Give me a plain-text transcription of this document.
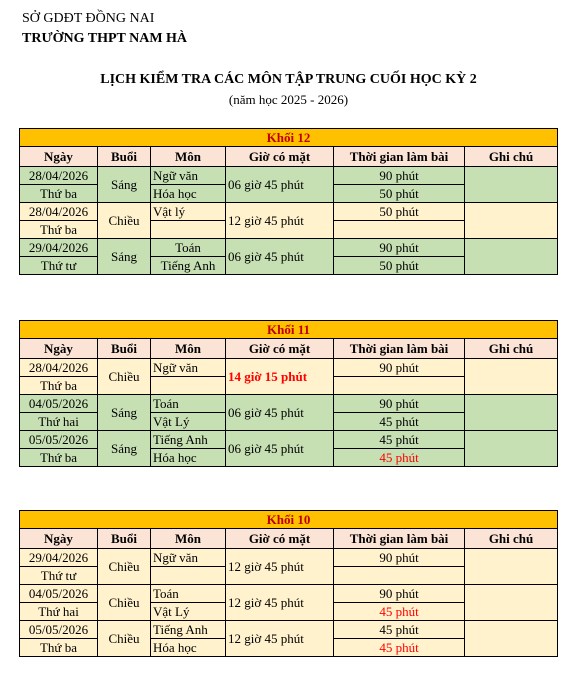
SỞ GDĐT ĐỒNG NAI
TRƯỜNG THPT NAM HÀ
LỊCH KIỂM TRA CÁC MÔN TẬP TRUNG CUỐI HỌC KỲ 2
(năm học 2025 - 2026)
Khối 12					
Ngày	Buổi	Môn	Giờ có mặt	Thời gian làm bài	Ghi chú
28/04/2026	Sáng	Ngữ văn	06 giờ 45 phút	90 phút	
Thứ ba		Hóa học		50 phút	
28/04/2026	Chiều	Vật lý	12 giờ 45 phút	50 phút	
Thứ ba					
29/04/2026	Sáng	Toán	06 giờ 45 phút	90 phút	
Thứ tư		Tiếng Anh		50 phút	
Khối 11					
Ngày	Buổi	Môn	Giờ có mặt	Thời gian làm bài	Ghi chú
28/04/2026	Chiều	Ngữ văn	14 giờ 15 phút	90 phút	
Thứ ba					
04/05/2026	Sáng	Toán	06 giờ 45 phút	90 phút	
Thứ hai		Vật Lý		45 phút	
05/05/2026	Sáng	Tiếng Anh	06 giờ 45 phút	45 phút	
Thứ ba		Hóa học		45 phút	
Khối 10					
Ngày	Buổi	Môn	Giờ có mặt	Thời gian làm bài	Ghi chú
29/04/2026	Chiều	Ngữ văn	12 giờ 45 phút	90 phút	
Thứ tư					
04/05/2026	Chiều	Toán	12 giờ 45 phút	90 phút	
Thứ hai		Vật Lý		45 phút	
05/05/2026	Chiều	Tiếng Anh	12 giờ 45 phút	45 phút	
Thứ ba		Hóa học		45 phút	
